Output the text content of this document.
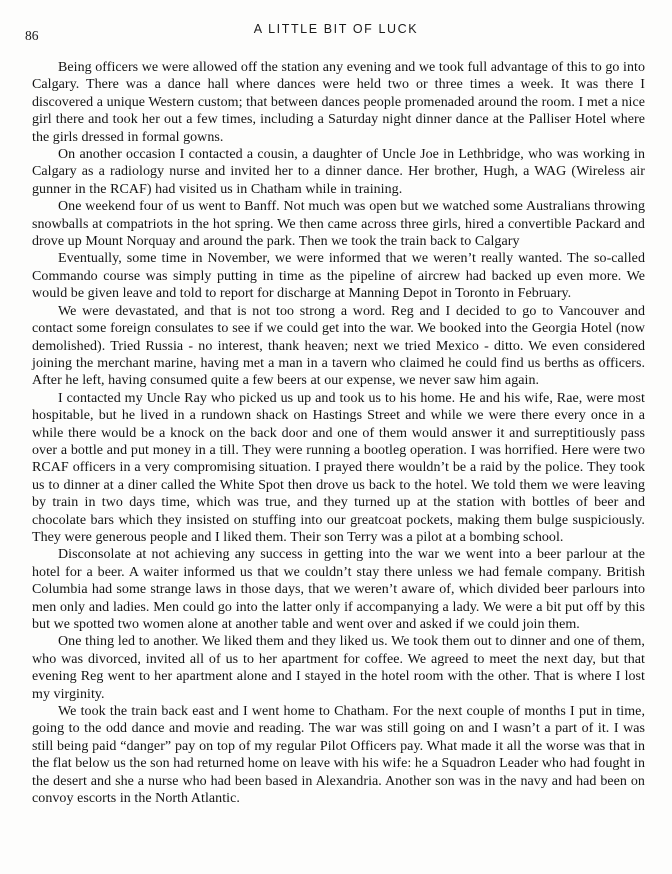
86	A LITTLE BIT OF LUCK

Being officers we were allowed off the station any evening and we took full advantage of this to go into Calgary. There was a dance hall where dances were held two or three times a week. It was there I discovered a unique Western custom; that between dances people promenaded around the room. I met a nice girl there and took her out a few times, including a Saturday night dinner dance at the Palliser Hotel where the girls dressed in formal gowns.

On another occasion I contacted a cousin, a daughter of Uncle Joe in Lethbridge, who was working in Calgary as a radiology nurse and invited her to a dinner dance. Her brother, Hugh, a WAG (Wireless air gunner in the RCAF) had visited us in Chatham while in training.

One weekend four of us went to Banff. Not much was open but we watched some Australians throwing snowballs at compatriots in the hot spring. We then came across three girls, hired a convertible Packard and drove up Mount Norquay and around the park. Then we took the train back to Calgary

Eventually, some time in November, we were informed that we weren’t really wanted. The so-called Commando course was simply putting in time as the pipeline of aircrew had backed up even more. We would be given leave and told to report for discharge at Manning Depot in Toronto in February.

We were devastated, and that is not too strong a word. Reg and I decided to go to Vancouver and contact some foreign consulates to see if we could get into the war. We booked into the Georgia Hotel (now demolished). Tried Russia - no interest, thank heaven; next we tried Mexico - ditto. We even considered joining the merchant marine, having met a man in a tavern who claimed he could find us berths as officers. After he left, having consumed quite a few beers at our expense, we never saw him again.

I contacted my Uncle Ray who picked us up and took us to his home. He and his wife, Rae, were most hospitable, but he lived in a rundown shack on Hastings Street and while we were there every once in a while there would be a knock on the back door and one of them would answer it and surreptitiously pass over a bottle and put money in a till. They were running a bootleg operation. I was horrified. Here were two RCAF officers in a very compromising situation. I prayed there wouldn’t be a raid by the police. They took us to dinner at a diner called the White Spot then drove us back to the hotel. We told them we were leaving by train in two days time, which was true, and they turned up at the station with bottles of beer and chocolate bars which they insisted on stuffing into our greatcoat pockets, making them bulge suspiciously. They were generous people and I liked them. Their son Terry was a pilot at a bombing school.

Disconsolate at not achieving any success in getting into the war we went into a beer parlour at the hotel for a beer. A waiter informed us that we couldn’t stay there unless we had female company. British Columbia had some strange laws in those days, that we weren’t aware of, which divided beer parlours into men only and ladies. Men could go into the latter only if accompanying a lady. We were a bit put off by this but we spotted two women alone at another table and went over and asked if we could join them.

One thing led to another. We liked them and they liked us. We took them out to dinner and one of them, who was divorced, invited all of us to her apartment for coffee. We agreed to meet the next day, but that evening Reg went to her apartment alone and I stayed in the hotel room with the other. That is where I lost my virginity.

We took the train back east and I went home to Chatham. For the next couple of months I put in time, going to the odd dance and movie and reading. The war was still going on and I wasn’t a part of it. I was still being paid “danger” pay on top of my regular Pilot Officers pay. What made it all the worse was that in the flat below us the son had returned home on leave with his wife: he a Squadron Leader who had fought in the desert and she a nurse who had been based in Alexandria. Another son was in the navy and had been on convoy escorts in the North Atlantic.
